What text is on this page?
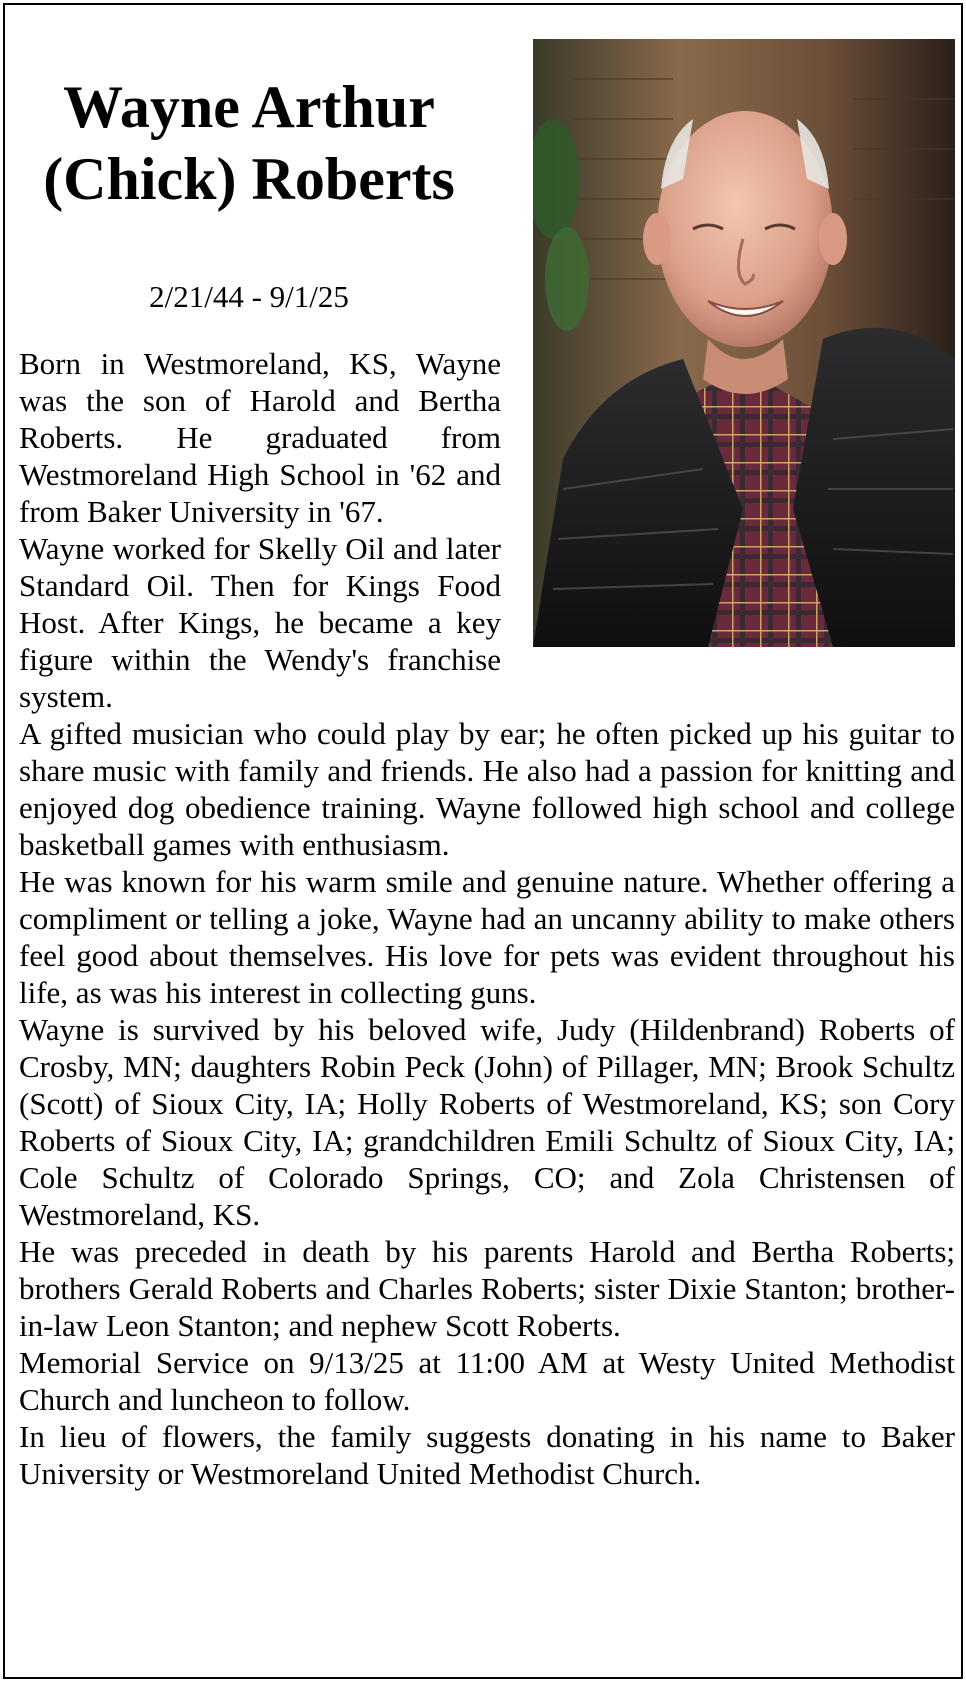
Wayne Arthur
(Chick) Roberts
2/21/44 - 9/1/25

Born in Westmoreland, KS, Wayne was the son of Harold and Bertha Roberts. He graduated from Westmoreland High School in '62 and from Baker University in '67.

Wayne worked for Skelly Oil and later Standard Oil. Then for Kings Food Host. After Kings, he became a key figure within the Wendy's franchise system.

A gifted musician who could play by ear; he often picked up his guitar to share music with family and friends. He also had a passion for knitting and enjoyed dog obedience training. Wayne followed high school and college basketball games with enthusiasm.

He was known for his warm smile and genuine nature. Whether offering a compliment or telling a joke, Wayne had an uncanny ability to make others feel good about themselves. His love for pets was evident throughout his life, as was his interest in collecting guns.

Wayne is survived by his beloved wife, Judy (Hildenbrand) Roberts of Crosby, MN; daughters Robin Peck (John) of Pillager, MN; Brook Schultz (Scott) of Sioux City, IA; Holly Roberts of Westmoreland, KS; son Cory Roberts of Sioux City, IA; grandchildren Emili Schultz of Sioux City, IA; Cole Schultz of Colorado Springs, CO; and Zola Christensen of Westmoreland, KS.

He was preceded in death by his parents Harold and Bertha Roberts; brothers Gerald Roberts and Charles Roberts; sister Dixie Stanton; brother-in-law Leon Stanton; and nephew Scott Roberts.

Memorial Service on 9/13/25 at 11:00 AM at Westy United Methodist Church and luncheon to follow.

In lieu of flowers, the family suggests donating in his name to Baker University or Westmoreland United Methodist Church.
